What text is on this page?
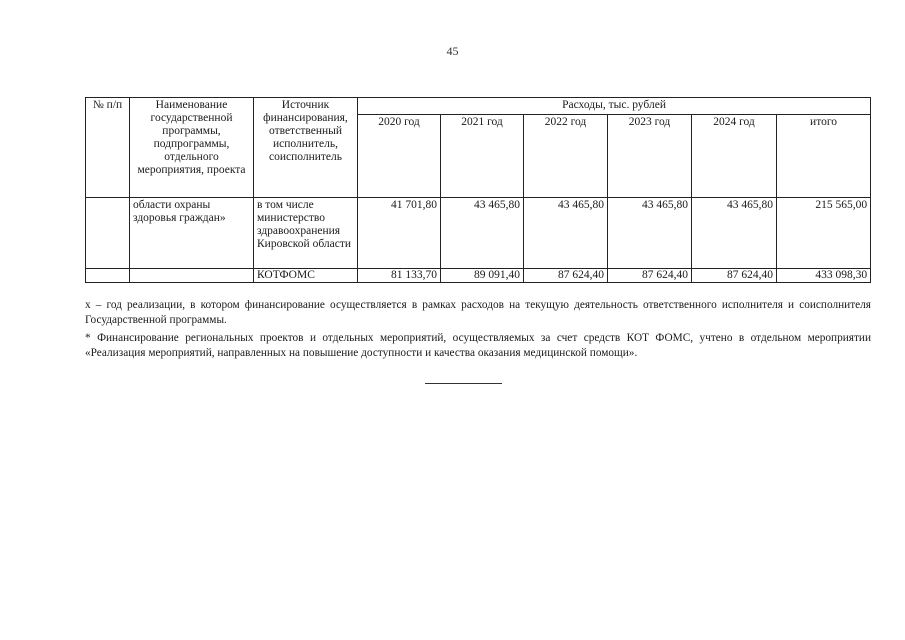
45
№ п/п	Наименование государственной программы, подпрограммы, отдельного мероприятия, проекта	Источник финансирования, ответственный исполнитель, соисполнитель	Расходы, тыс. рублей					
			2020 год	2021 год	2022 год	2023 год	2024 год	итого
	области охраны здоровья граждан»	в том числе министерство здравоохранения Кировской области	41 701,80	43 465,80	43 465,80	43 465,80	43 465,80	215 565,00
		КОТФОМС	81 133,70	89 091,40	87 624,40	87 624,40	87 624,40	433 098,30

х – год реализации, в котором финансирование осуществляется в рамках расходов на текущую деятельность ответственного исполнителя и соисполнителя Государственной программы.

* Финансирование региональных проектов и отдельных мероприятий, осуществляемых за счет средств КОТ ФОМС, учтено в отдельном мероприятии «Реализация мероприятий, направленных на повышение доступности и качества оказания медицинской помощи».
